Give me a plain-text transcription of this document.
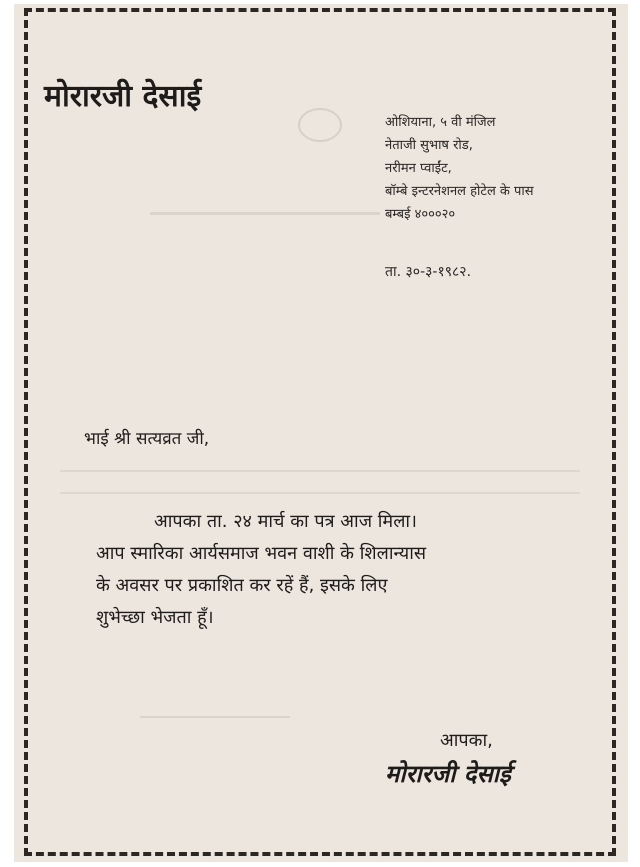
मोरारजी देसाई
ओशियाना, ५ वी मंजिल
नेताजी सुभाष रोड,
नरीमन प्वाईंट,
बॉम्बे इन्टरनेशनल होटेल के पास
बम्बई ४०००२०
ता. ३०-३-१९८२.
भाई श्री सत्यव्रत जी,
आपका ता. २४ मार्च का पत्र आज मिला।
आप स्मारिका आर्यसमाज भवन वाशी के शिलान्यास
के अवसर पर प्रकाशित कर रहें हैं, इसके लिए
शुभेच्छा भेजता हूँ।
आपका,
मोरारजी देसाई
